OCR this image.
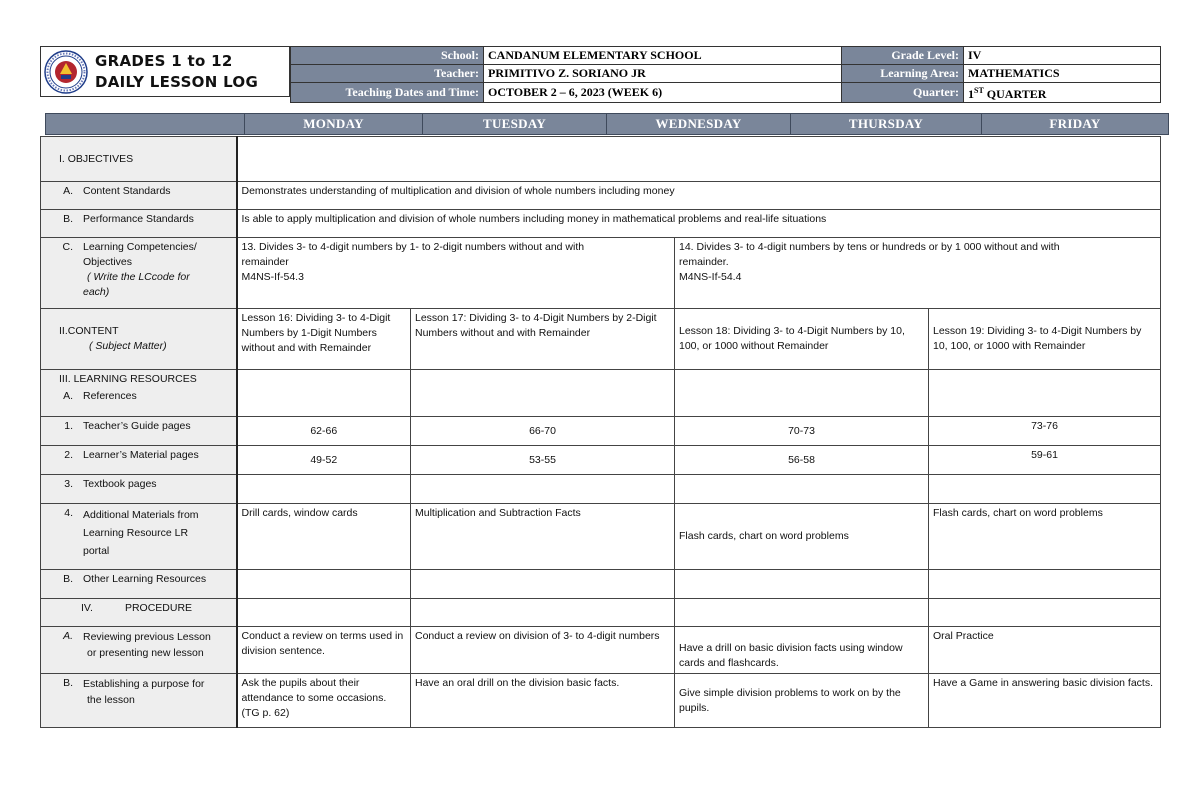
GRADES 1 to 12
DAILY LESSON LOG
School:	CANDANUM ELEMENTARY SCHOOL	Grade Level:	IV
Teacher:	PRIMITIVO Z. SORIANO JR	Learning Area:	MATHEMATICS
Teaching Dates and Time:	OCTOBER 2 – 6, 2023 (WEEK 6)	Quarter:	1ST QUARTER
	MONDAY	TUESDAY	WEDNESDAY	THURSDAY	FRIDAY
I. OBJECTIVES				

A. Content Standards	Demonstrates understanding of multiplication and division of whole numbers including money			

B. Performance Standards	Is able to apply multiplication and division of whole numbers including money in mathematical problems and real-life situations			

C. Learning Competencies/
Objectives
( Write the LCcode for
each)	13. Divides 3- to 4-digit numbers by 1- to 2-digit numbers without and with
remainder
M4NS-If-54.3		14. Divides 3- to 4-digit numbers by tens or hundreds or by 1 000 without and with
remainder.
M4NS-If-54.4	
II.CONTENT
( Subject Matter)	Lesson 16: Dividing 3- to 4-Digit Numbers by 1-Digit Numbers without and with Remainder	Lesson 17: Dividing 3- to 4-Digit Numbers by 2-Digit Numbers without and with Remainder	Lesson 18: Dividing 3- to 4-Digit Numbers by 10, 100, or 1000 without Remainder	Lesson 19: Dividing 3- to 4-Digit Numbers by 10, 100, or 1000 with Remainder
III. LEARNING RESOURCES
A. References				

1. Teacher’s Guide pages	62-66	66-70	70-73	73-76

2. Learner’s Material pages	49-52	53-55	56-58	59-61

3. Textbook pages				

4. Additional Materials from
Learning Resource LR
portal	Drill cards, window cards	Multiplication and Subtraction Facts	Flash cards, chart on word problems	Flash cards, chart on word problems

B. Other Learning Resources				

IV.           PROCEDURE				

A. Reviewing previous Lesson
or presenting new lesson	Conduct a review on terms used in division sentence.	Conduct a review on division of 3- to 4-digit numbers	Have a drill on basic division facts using window cards and flashcards.	Oral Practice

B. Establishing a purpose for
the lesson	Ask the pupils about their attendance to some occasions. (TG p. 62)	Have an oral drill on the division basic facts.	Give simple division problems to work on by the pupils.	Have a Game in answering basic division facts.
